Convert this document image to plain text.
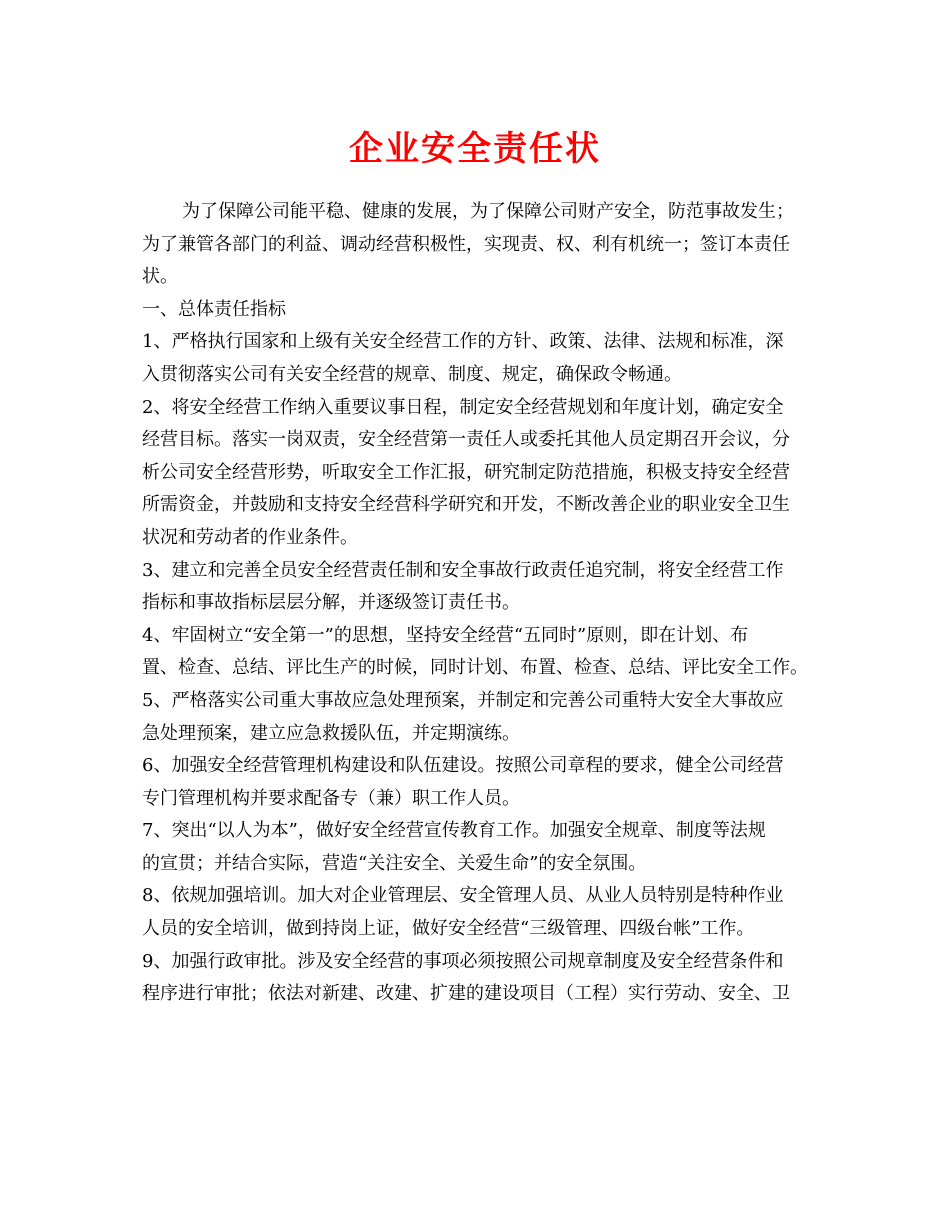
企业安全责任状
为了保障公司能平稳、健康的发展，为了保障公司财产安全，防范事故发生；
为了兼管各部门的利益、调动经营积极性，实现责、权、利有机统一；签订本责任
状。
一、总体责任指标
1、严格执行国家和上级有关安全经营工作的方针、政策、法律、法规和标准，深
入贯彻落实公司有关安全经营的规章、制度、规定，确保政令畅通。
2、将安全经营工作纳入重要议事日程，制定安全经营规划和年度计划，确定安全
经营目标。落实一岗双责，安全经营第一责任人或委托其他人员定期召开会议，分
析公司安全经营形势，听取安全工作汇报，研究制定防范措施，积极支持安全经营
所需资金，并鼓励和支持安全经营科学研究和开发，不断改善企业的职业安全卫生
状况和劳动者的作业条件。
3、建立和完善全员安全经营责任制和安全事故行政责任追究制，将安全经营工作
指标和事故指标层层分解，并逐级签订责任书。
4、牢固树立“安全第一”的思想，坚持安全经营“五同时”原则，即在计划、布
置、检查、总结、评比生产的时候，同时计划、布置、检查、总结、评比安全工作。
5、严格落实公司重大事故应急处理预案，并制定和完善公司重特大安全大事故应
急处理预案，建立应急救援队伍，并定期演练。
6、加强安全经营管理机构建设和队伍建设。按照公司章程的要求，健全公司经营
专门管理机构并要求配备专（兼）职工作人员。
7、突出“以人为本”，做好安全经营宣传教育工作。加强安全规章、制度等法规
的宣贯；并结合实际，营造“关注安全、关爱生命”的安全氛围。
8、依规加强培训。加大对企业管理层、安全管理人员、从业人员特别是特种作业
人员的安全培训，做到持岗上证，做好安全经营“三级管理、四级台帐”工作。
9、加强行政审批。涉及安全经营的事项必须按照公司规章制度及安全经营条件和
程序进行审批；依法对新建、改建、扩建的建设项目（工程）实行劳动、安全、卫
